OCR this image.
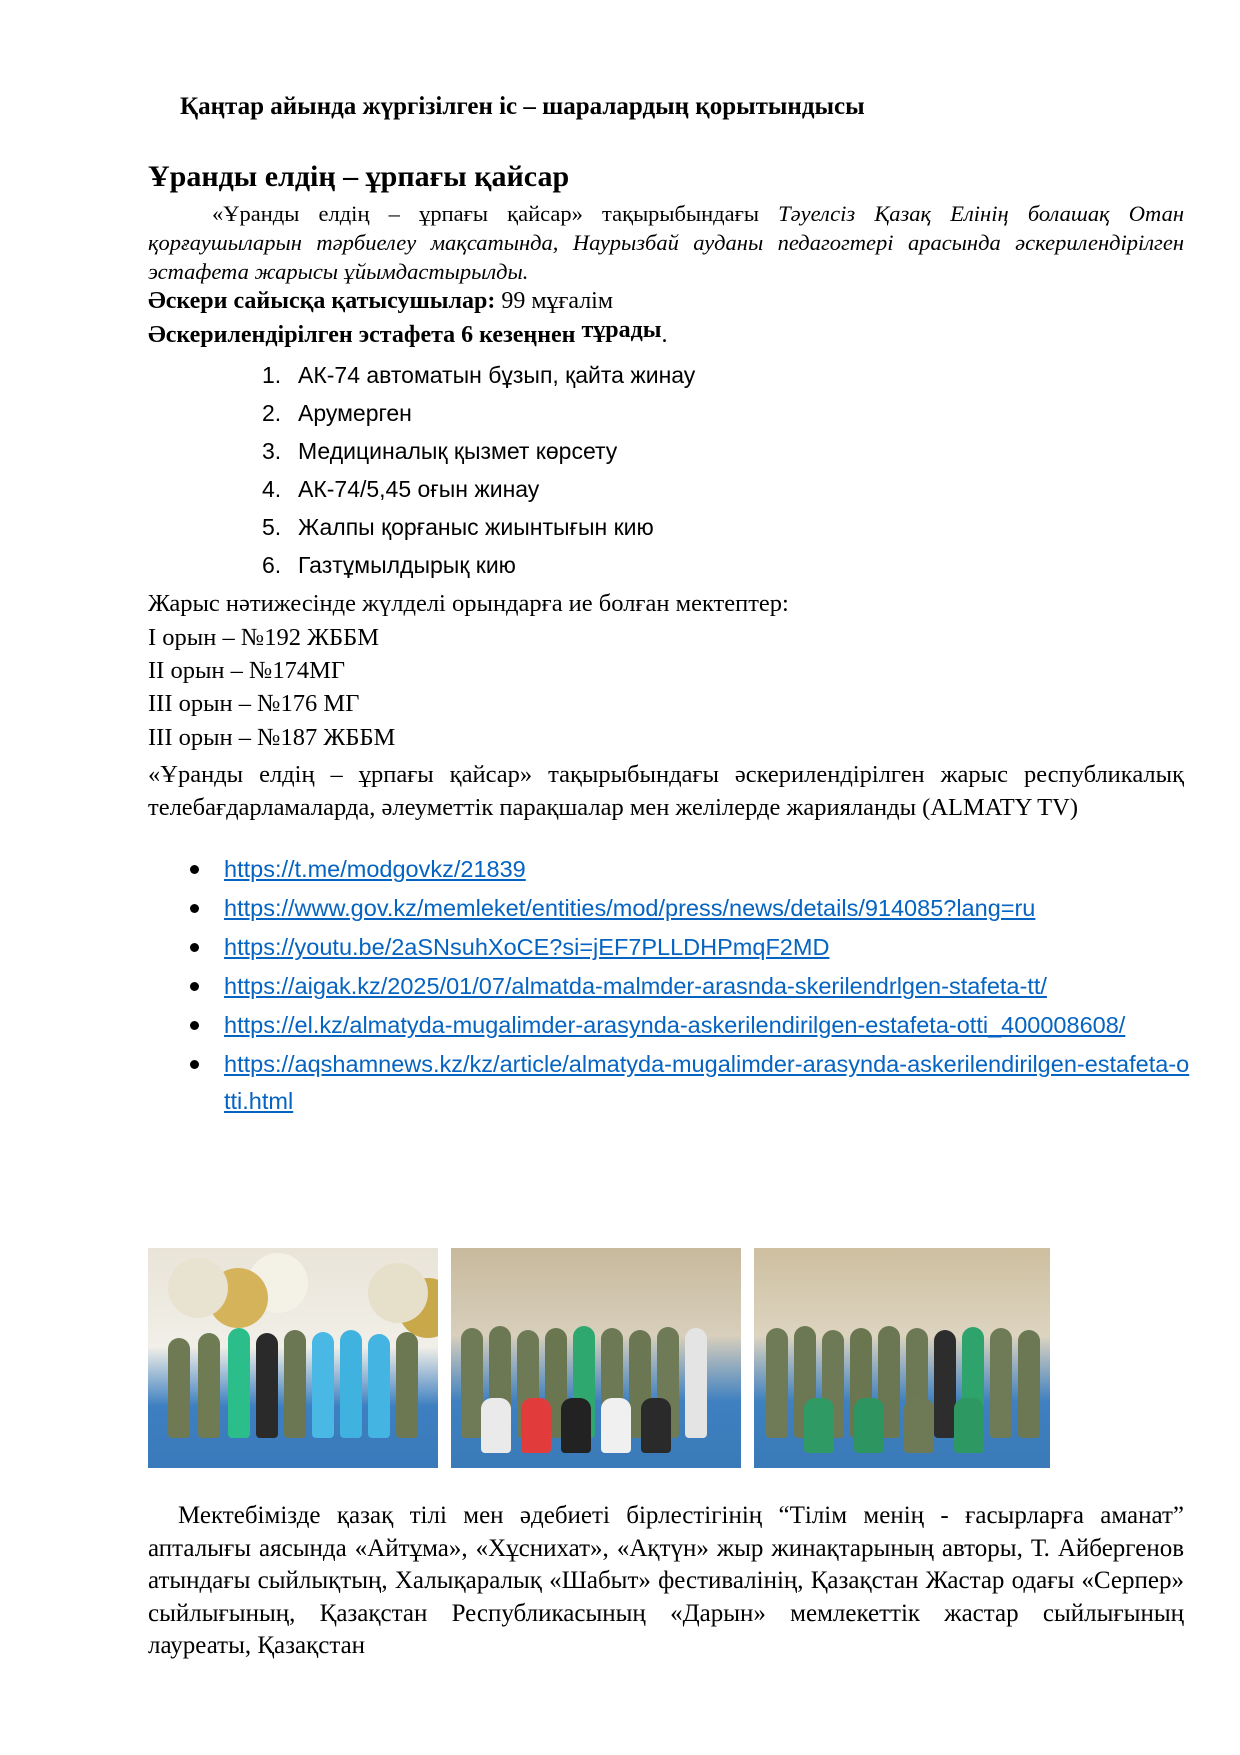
Қаңтар айында жүргізілген іс – шаралардың қорытындысы
Ұранды елдің – ұрпағы қайсар
«Ұранды елдің – ұрпағы қайсар» тақырыбындағы Тәуелсіз Қазақ Елінің болашақ Отан қорғаушыларын тәрбиелеу мақсатында, Наурызбай ауданы педагогтері арасында әскерилендірілген эстафета жарысы ұйымдастырылды.
Әскери сайысқа қатысушылар: 99 мұғалім
Әскерилендірілген эстафета 6 кезеңнен тұрады.
1. АК-74 автоматын бұзып, қайта жинау
2. Арумерген
3. Медициналық қызмет көрсету
4. АК-74/5,45 оғын жинау
5. Жалпы қорғаныс жиынтығын кию
6. Газтұмылдырық кию
Жарыс нәтижесінде жүлделі орындарға ие болған мектептер:
I орын – №192 ЖББМ
II орын – №174МГ
III орын – №176 МГ
III орын – №187 ЖББМ
«Ұранды елдің – ұрпағы қайсар» тақырыбындағы әскерилендірілген жарыс республикалық телебағдарламаларда, әлеуметтік парақшалар мен желілерде жарияланды (ALMATY TV)
https://t.me/modgovkz/21839
https://www.gov.kz/memleket/entities/mod/press/news/details/914085?lang=ru
https://youtu.be/2aSNsuhXoCE?si=jEF7PLLDHPmqF2MD
https://aigak.kz/2025/01/07/almatda-malmder-arasnda-skerilendrlgen-stafeta-tt/
https://el.kz/almatyda-mugalimder-arasynda-askerilendirilgen-estafeta-otti_400008608/
https://aqshamnews.kz/kz/article/almatyda-mugalimder-arasynda-askerilendirilgen-estafeta-otti.html
Мектебімізде қазақ тілі мен әдебиеті бірлестігінің “Тілім менің - ғасырларға аманат” апталығы аясында «Айтұма», «Хұснихат», «Ақтүн» жыр жинақтарының авторы, Т. Айбергенов атындағы сыйлықтың, Халықаралық «Шабыт» фестивалінің, Қазақстан Жастар одағы «Серпер» сыйлығының, Қазақстан Республикасының «Дарын» мемлекеттік жастар сыйлығының лауреаты, Қазақстан
